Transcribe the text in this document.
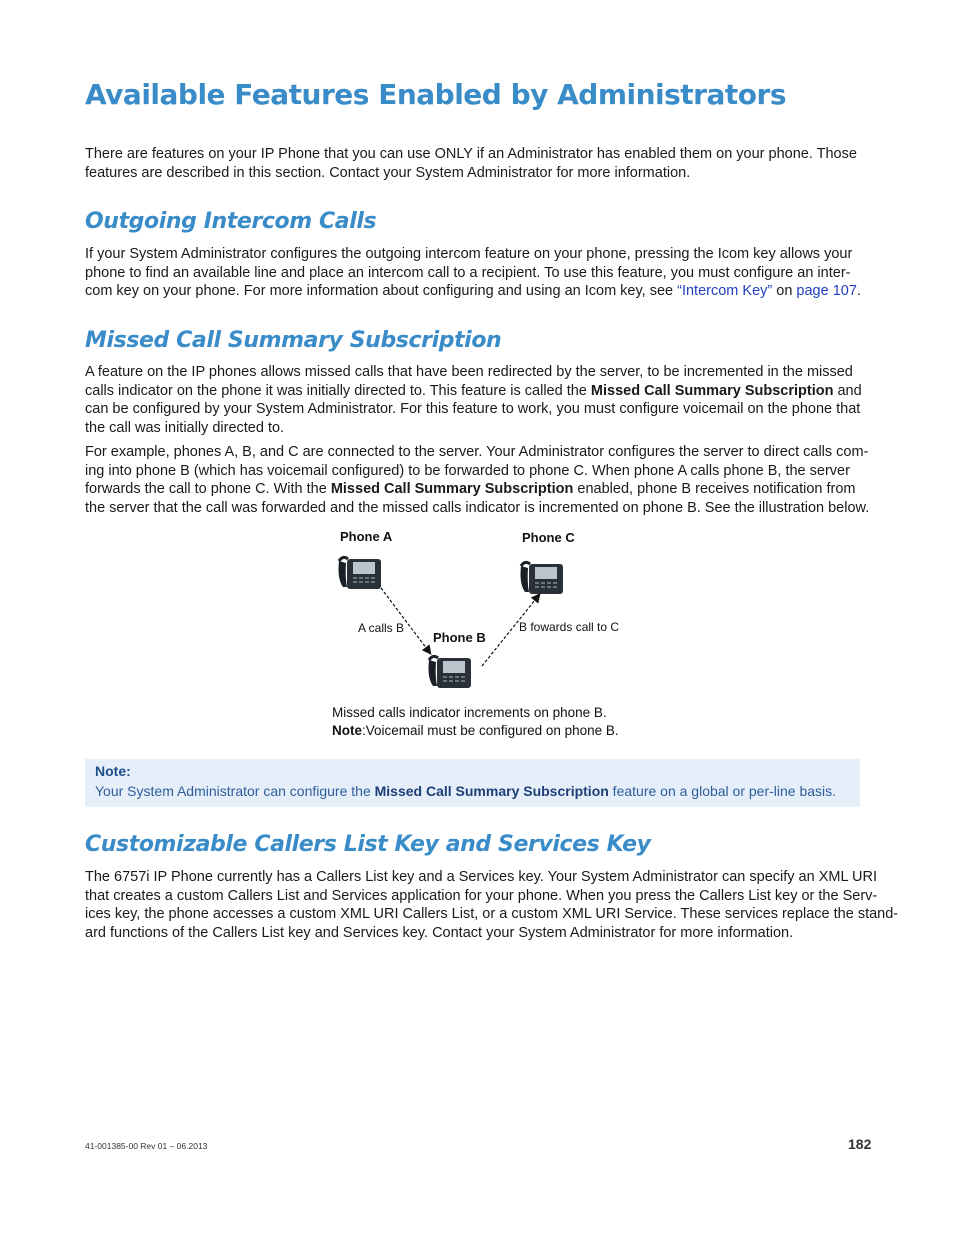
Available Features Enabled by Administrators

There are features on your IP Phone that you can use ONLY if an Administrator has enabled them on your phone. Those
features are described in this section. Contact your System Administrator for more information.

Outgoing Intercom Calls

If your System Administrator configures the outgoing intercom feature on your phone, pressing the Icom key allows your
phone to find an available line and place an intercom call to a recipient. To use this feature, you must configure an inter-
com key on your phone. For more information about configuring and using an Icom key, see “Intercom Key” on page 107.

Missed Call Summary Subscription

A feature on the IP phones allows missed calls that have been redirected by the server, to be incremented in the missed
calls indicator on the phone it was initially directed to. This feature is called the Missed Call Summary Subscription and
can be configured by your System Administrator. For this feature to work, you must configure voicemail on the phone that
the call was initially directed to.

For example, phones A, B, and C are connected to the server. Your Administrator configures the server to direct calls com-
ing into phone B (which has voicemail configured) to be forwarded to phone C. When phone A calls phone B, the server
forwards the call to phone C. With the Missed Call Summary Subscription enabled, phone B receives notification from
the server that the call was forwarded and the missed calls indicator is incremented on phone B. See the illustration below.

Phone A	Phone C
Phone B
A calls B	B fowards call to C
Missed calls indicator increments on phone B.
Note:Voicemail must be configured on phone B.
Note:
Your System Administrator can configure the Missed Call Summary Subscription feature on a global or per-line basis.
Customizable Callers List Key and Services Key

The 6757i IP Phone currently has a Callers List key and a Services key. Your System Administrator can specify an XML URI
that creates a custom Callers List and Services application for your phone. When you press the Callers List key or the Serv-
ices key, the phone accesses a custom XML URI Callers List, or a custom XML URI Service. These services replace the stand-
ard functions of the Callers List key and Services key. Contact your System Administrator for more information.

41-001385-00 Rev 01 – 06.2013	182
